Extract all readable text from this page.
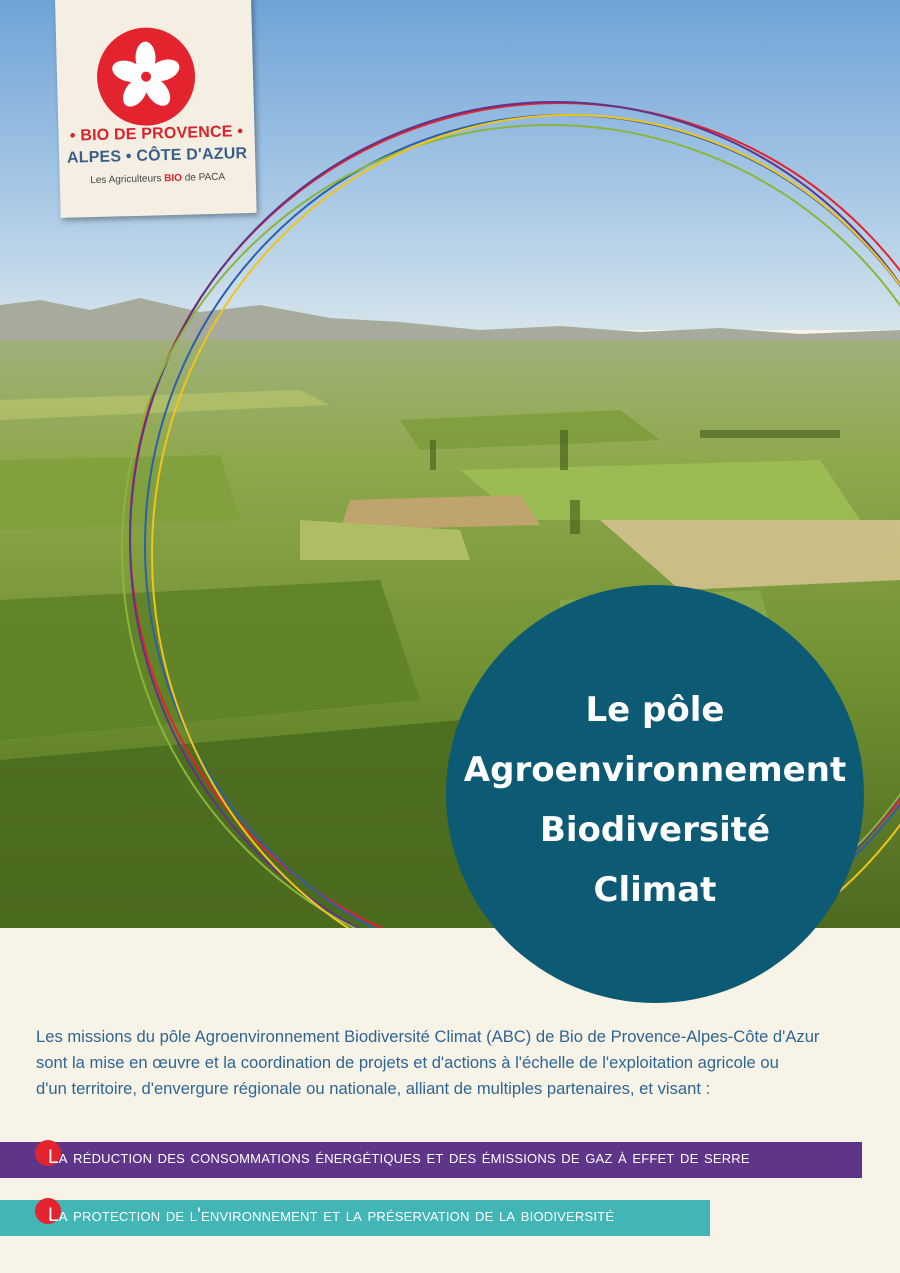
• BIO DE PROVENCE •
ALPES • CÔTE D'AZUR
Les Agriculteurs BIO de PACA
Le pôle
Agroenvironnement
Biodiversité
Climat

Les missions du pôle Agroenvironnement Biodiversité Climat (ABC) de Bio de Provence-Alpes-Côte d'Azur

sont la mise en œuvre et la coordination de projets et d'actions à l'échelle de l'exploitation agricole ou

d'un territoire, d'envergure régionale ou nationale, alliant de multiples partenaires, et visant :

La réduction des consommations énergétiques et des émissions de gaz à effet de serre
La protection de l'environnement et la préservation de la biodiversité
